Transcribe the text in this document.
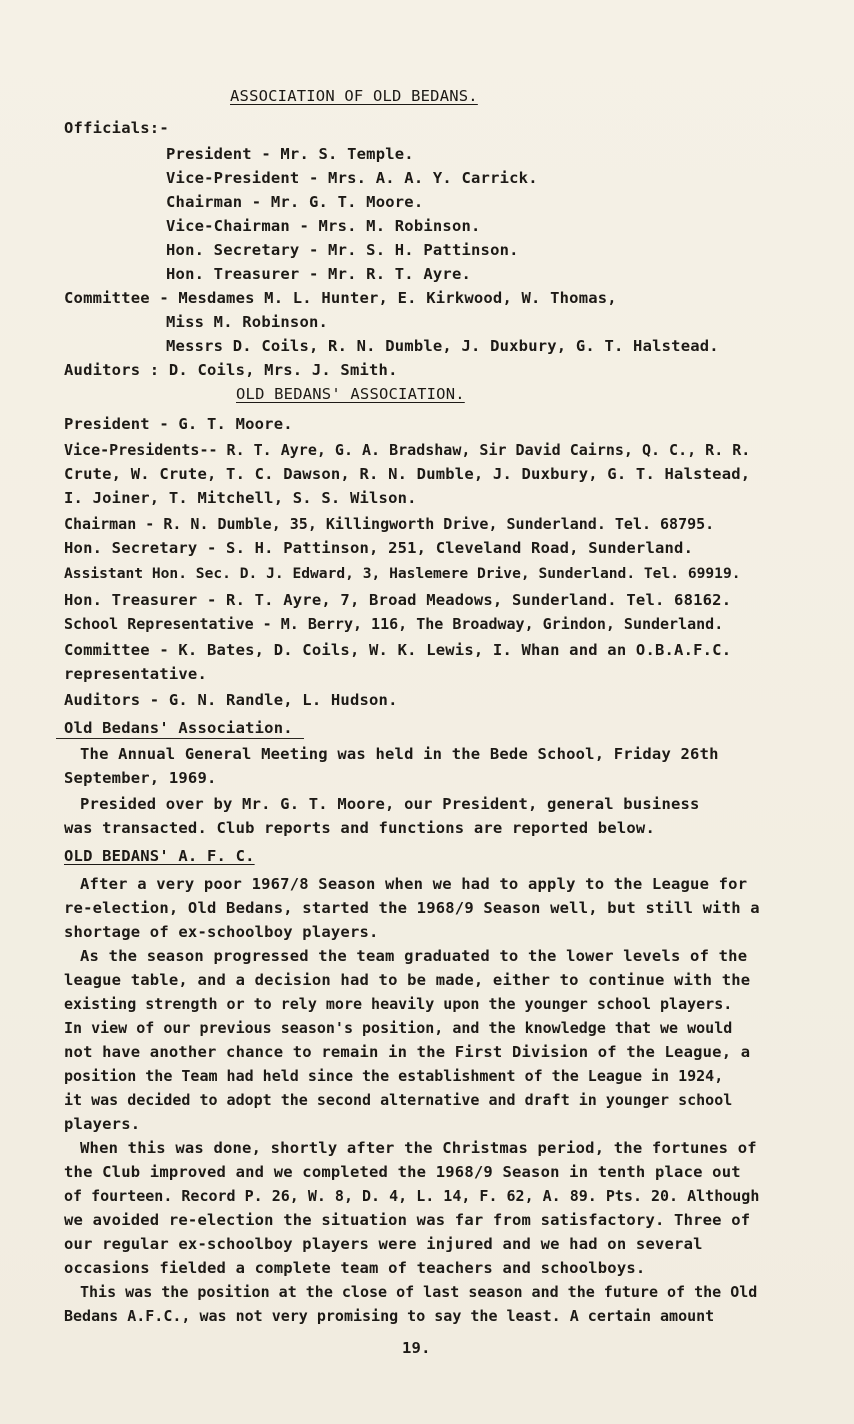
ASSOCIATION OF OLD BEDANS.
Officials:-
President - Mr. S. Temple.
Vice-President - Mrs. A. A. Y. Carrick.
Chairman - Mr. G. T. Moore.
Vice-Chairman - Mrs. M. Robinson.
Hon. Secretary - Mr. S. H. Pattinson.
Hon. Treasurer - Mr. R. T. Ayre.
Committee - Mesdames M. L. Hunter, E. Kirkwood, W. Thomas,
Miss M. Robinson.
Messrs D. Coils, R. N. Dumble, J. Duxbury, G. T. Halstead.
Auditors : D. Coils, Mrs. J. Smith.
OLD BEDANS' ASSOCIATION.
President - G. T. Moore.
Vice-Presidents-- R. T. Ayre, G. A. Bradshaw, Sir David Cairns, Q. C., R. R.
Crute, W. Crute, T. C. Dawson, R. N. Dumble, J. Duxbury, G. T. Halstead,
I. Joiner, T. Mitchell, S. S. Wilson.
Chairman - R. N. Dumble, 35, Killingworth Drive, Sunderland. Tel. 68795.
Hon. Secretary - S. H. Pattinson, 251, Cleveland Road, Sunderland.
Assistant Hon. Sec. D. J. Edward, 3, Haslemere Drive, Sunderland. Tel. 69919.
Hon. Treasurer - R. T. Ayre, 7, Broad Meadows, Sunderland. Tel. 68162.
School Representative - M. Berry, 116, The Broadway, Grindon, Sunderland.
Committee - K. Bates, D. Coils, W. K. Lewis, I. Whan and an O.B.A.F.C.
representative.
Auditors - G. N. Randle, L. Hudson.
Old Bedans' Association.
The Annual General Meeting was held in the Bede School, Friday 26th
September, 1969.
Presided over by Mr. G. T. Moore, our President, general business
was transacted. Club reports and functions are reported below.
OLD BEDANS' A. F. C.
After a very poor 1967/8 Season when we had to apply to the League for
re-election, Old Bedans, started the 1968/9 Season well, but still with a
shortage of ex-schoolboy players.
As the season progressed the team graduated to the lower levels of the
league table, and a decision had to be made, either to continue with the
existing strength or to rely more heavily upon the younger school players.
In view of our previous season's position, and the knowledge that we would
not have another chance to remain in the First Division of the League, a
position the Team had held since the establishment of the League in 1924,
it was decided to adopt the second alternative and draft in younger school
players.
When this was done, shortly after the Christmas period, the fortunes of
the Club improved and we completed the 1968/9 Season in tenth place out
of fourteen. Record P. 26, W. 8, D. 4, L. 14, F. 62, A. 89. Pts. 20. Although
we avoided re-election the situation was far from satisfactory. Three of
our regular ex-schoolboy players were injured and we had on several
occasions fielded a complete team of teachers and schoolboys.
This was the position at the close of last season and the future of the Old
Bedans A.F.C., was not very promising to say the least. A certain amount
19.
